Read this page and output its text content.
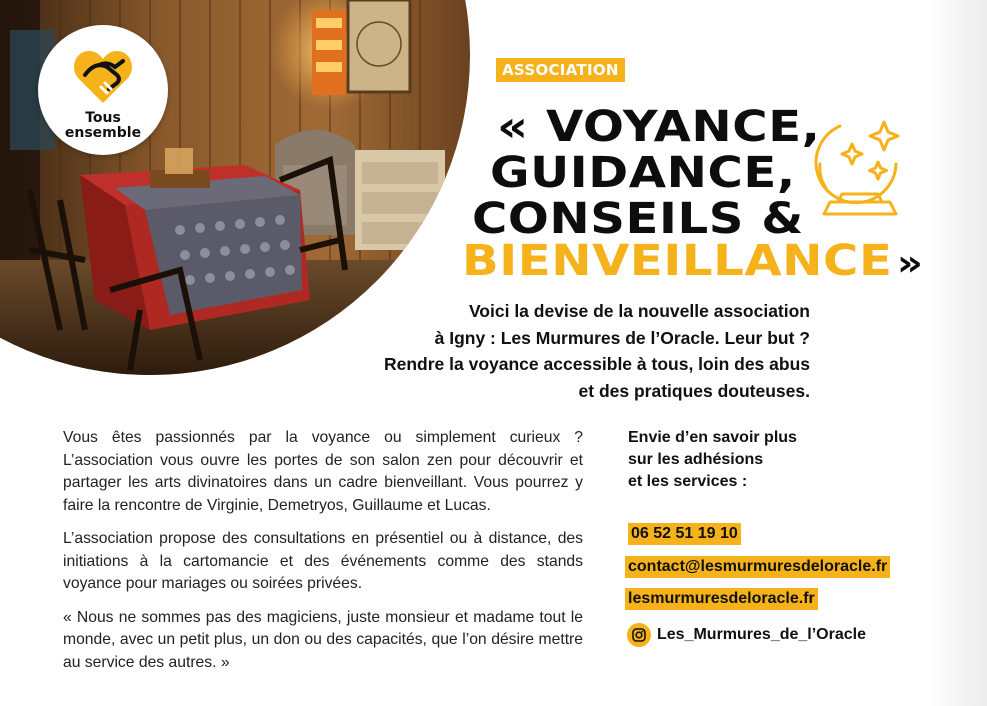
Tous
ensemble
ASSOCIATION
« VOYANCE,
GUIDANCE,
CONSEILS &
BIENVEILLANCE »

Voici la devise de la nouvelle association

à Igny : Les Murmures de l’Oracle. Leur but ?

Rendre la voyance accessible à tous, loin des abus

et des pratiques douteuses.

Vous êtes passionnés par la voyance ou simplement curieux ? L’association vous ouvre les portes de son salon zen pour découvrir et partager les arts divinatoires dans un cadre bienveillant. Vous pourrez y faire la rencontre de Virginie, Demetryos, Guillaume et Lucas.

L’association propose des consultations en présentiel ou à distance, des initiations à la cartomancie et des événements comme des stands voyance pour mariages ou soirées privées.

« Nous ne sommes pas des magiciens, juste monsieur et madame tout le monde, avec un petit plus, un don ou des capacités, que l’on désire mettre au service des autres. »

Envie d’en savoir plus
sur les adhésions
et les services :
06 52 51 19 10
contact@lesmurmuresdeloracle.fr
lesmurmuresdeloracle.fr
Les_Murmures_de_l’Oracle
